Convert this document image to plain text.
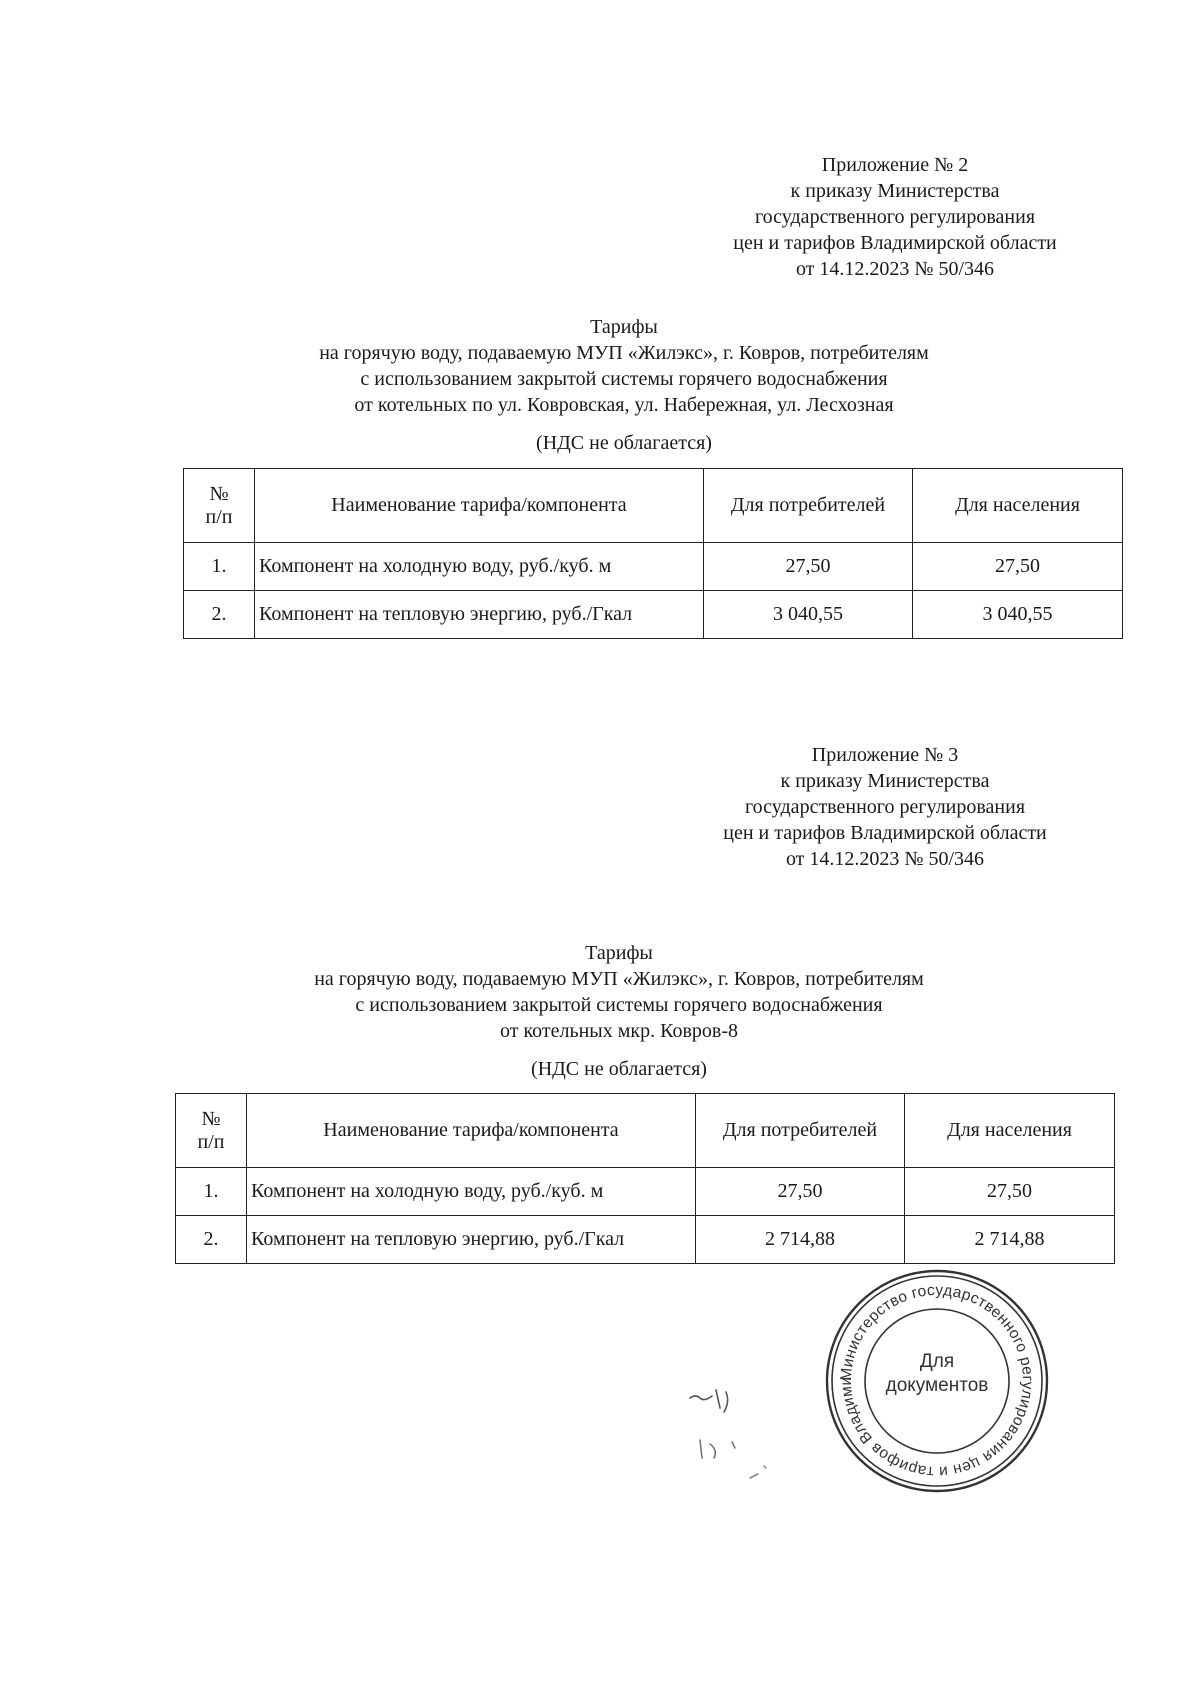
Приложение № 2
к приказу Министерства
государственного регулирования
цен и тарифов Владимирской области
от 14.12.2023 № 50/346
Тарифы
на горячую воду, подаваемую МУП «Жилэкс», г. Ковров, потребителям
с использованием закрытой системы горячего водоснабжения
от котельных по ул. Ковровская, ул. Набережная, ул. Лесхозная
(НДС не облагается)
№
п/п	Наименование тарифа/компонента	Для потребителей	Для населения
1.	Компонент на холодную воду, руб./куб. м	27,50	27,50
2.	Компонент на тепловую энергию, руб./Гкал	3 040,55	3 040,55
Приложение № 3
к приказу Министерства
государственного регулирования
цен и тарифов Владимирской области
от 14.12.2023 № 50/346
Тарифы
на горячую воду, подаваемую МУП «Жилэкс», г. Ковров, потребителям
с использованием закрытой системы горячего водоснабжения
от котельных мкр. Ковров-8
(НДС не облагается)
№
п/п	Наименование тарифа/компонента	Для потребителей	Для населения
1.	Компонент на холодную воду, руб./куб. м	27,50	27,50
2.	Компонент на тепловую энергию, руб./Гкал	2 714,88	2 714,88
Министерство государственного регулирования цен и тарифов Владими
Для
документов
